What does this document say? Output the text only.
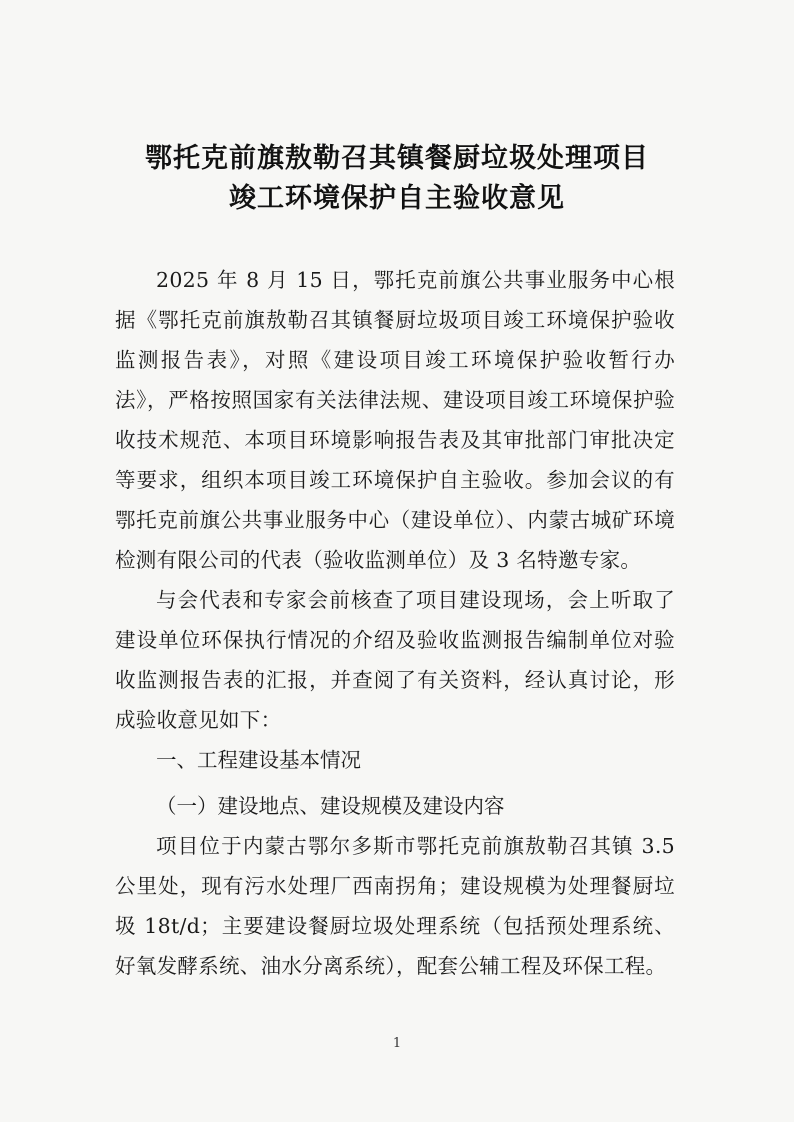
鄂托克前旗敖勒召其镇餐厨垃圾处理项目
竣工环境保护自主验收意见

2025 年 8 月 15 日，鄂托克前旗公共事业服务中心根据《鄂托克前旗敖勒召其镇餐厨垃圾项目竣工环境保护验收监测报告表》，对照《建设项目竣工环境保护验收暂行办法》，严格按照国家有关法律法规、建设项目竣工环境保护验收技术规范、本项目环境影响报告表及其审批部门审批决定等要求，组织本项目竣工环境保护自主验收。参加会议的有鄂托克前旗公共事业服务中心（建设单位）、内蒙古城矿环境检测有限公司的代表（验收监测单位）及 3 名特邀专家。

与会代表和专家会前核查了项目建设现场，会上听取了建设单位环保执行情况的介绍及验收监测报告编制单位对验收监测报告表的汇报，并查阅了有关资料，经认真讨论，形成验收意见如下：

一、工程建设基本情况

（一）建设地点、建设规模及建设内容

项目位于内蒙古鄂尔多斯市鄂托克前旗敖勒召其镇 3.5 公里处，现有污水处理厂西南拐角；建设规模为处理餐厨垃圾 18t/d；主要建设餐厨垃圾处理系统（包括预处理系统、好氧发酵系统、油水分离系统），配套公辅工程及环保工程。

1
